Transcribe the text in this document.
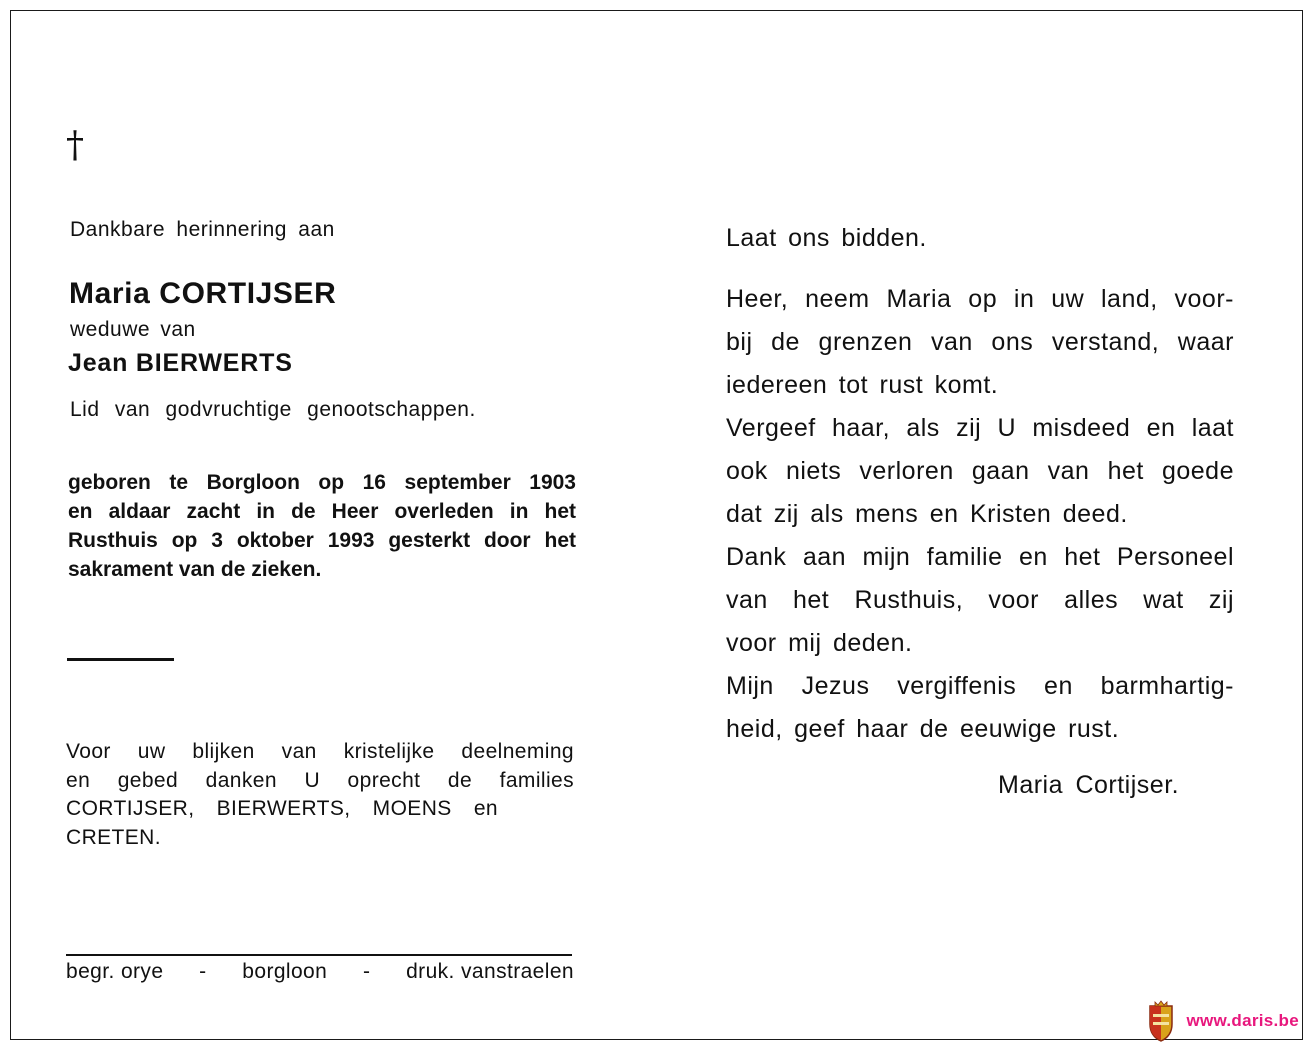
†
Dankbare herinnering aan
Maria CORTIJSER
weduwe van
Jean BIERWERTS
Lid van godvruchtige genootschappen.
geboren te Borgloon op 16 september 1903
en aldaar zacht in de Heer overleden in het
Rusthuis op 3 oktober 1993 gesterkt door het
sakrament van de zieken.
Voor uw blijken van kristelijke deelneming
en gebed danken U oprecht de families
CORTIJSER, BIERWERTS, MOENS en
CRETEN.
begr. orye - borgloon - druk. vanstraelen
Laat ons bidden.
Heer, neem Maria op in uw land, voor-
bij de grenzen van ons verstand, waar
iedereen tot rust komt.
Vergeef haar, als zij U misdeed en laat
ook niets verloren gaan van het goede
dat zij als mens en Kristen deed.
Dank aan mijn familie en het Personeel
van het Rusthuis, voor alles wat zij
voor mij deden.
Mijn Jezus vergiffenis en barmhartig-
heid, geef haar de eeuwige rust.
Maria Cortijser.
www.daris.be
